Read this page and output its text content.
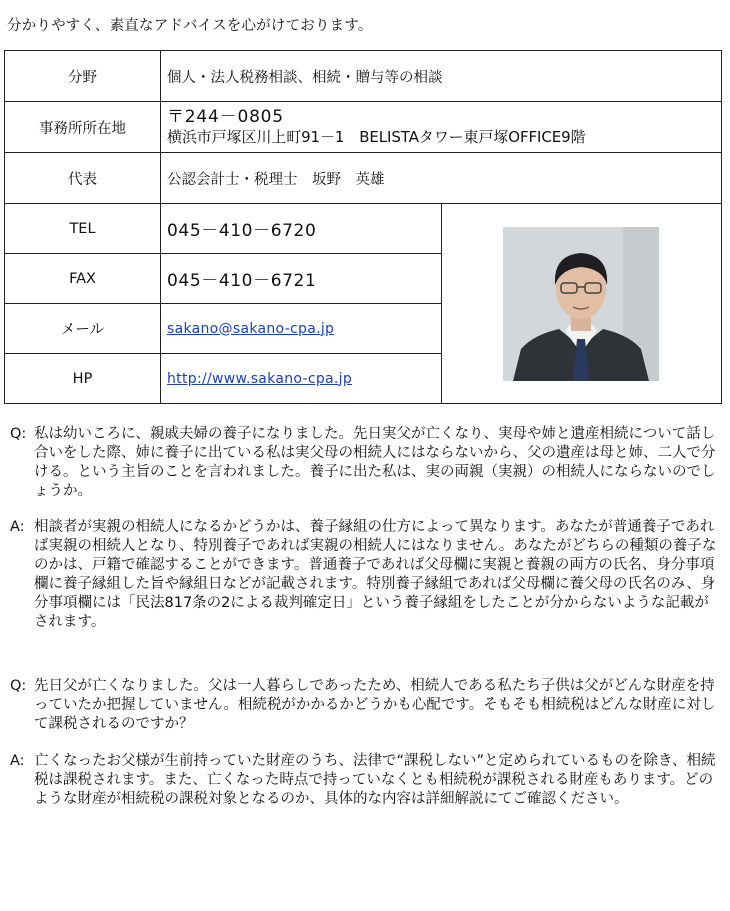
分かりやすく、素直なアドバイスを心がけております。
分野	個人・法人税務相談、相続・贈与等の相談	
事務所所在地	〒244－0805
横浜市戸塚区川上町91－1　BELISTAタワー東戸塚OFFICE9階	

代表	公認会計士・税理士　坂野　英雄	
TEL	045－410－6720	

FAX	045－410－6721	
メール	sakano@sakano-cpa.jp	
HP	http://www.sakano-cpa.jp	
Q: 私は幼いころに、親戚夫婦の養子になりました。先日実父が亡くなり、実母や姉と遺産相続について話し合いをした際、姉に養子に出ている私は実父母の相続人にはならないから、父の遺産は母と姉、二人で分ける。という主旨のことを言われました。養子に出た私は、実の両親（実親）の相続人にならないのでしょうか。
A: 相談者が実親の相続人になるかどうかは、養子縁組の仕方によって異なります。あなたが普通養子であれば実親の相続人となり、特別養子であれば実親の相続人にはなりません。あなたがどちらの種類の養子なのかは、戸籍で確認することができます。普通養子であれば父母欄に実親と養親の両方の氏名、身分事項欄に養子縁組した旨や縁組日などが記載されます。特別養子縁組であれば父母欄に養父母の氏名のみ、身分事項欄には「民法817条の2による裁判確定日」という養子縁組をしたことが分からないような記載がされます。
Q: 先日父が亡くなりました。父は一人暮らしであったため、相続人である私たち子供は父がどんな財産を持っていたか把握していません。相続税がかかるかどうかも心配です。そもそも相続税はどんな財産に対して課税されるのですか？
A: 亡くなったお父様が生前持っていた財産のうち、法律で“課税しない”と定められているものを除き、相続税は課税されます。また、亡くなった時点で持っていなくとも相続税が課税される財産もあります。どのような財産が相続税の課税対象となるのか、具体的な内容は詳細解説にてご確認ください。
